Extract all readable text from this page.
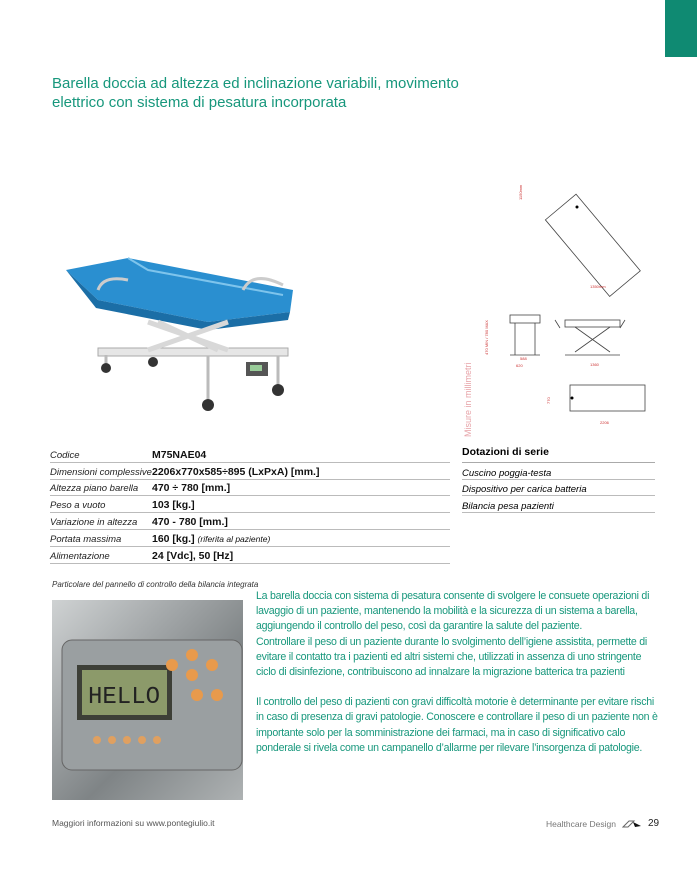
Barella doccia ad altezza ed inclinazione variabili, movimento elettrico con sistema di pesatura incorporata
1150mm
1350mm
470 MIN / 780 MAX
588
620	1360
770
2206
Misure in millimetri
Codice	M75NAE04
Dimensioni complessive 2206x770x585÷895 (LxPxA) [mm.]
Altezza piano barella	470 ÷ 780 [mm.]
Peso a vuoto	103 [kg.]
Variazione in altezza	470 - 780 [mm.]
Portata massima	160 [kg.] (riferita al paziente)
Alimentazione	24 [Vdc], 50 [Hz]
Dotazioni di serie
Cuscino poggia-testa
Dispositivo per carica batteria
Bilancia pesa pazienti
Particolare del pannello di controllo della bilancia integrata
HELLO

La barella doccia con sistema di pesatura consente di svolgere le consuete operazioni di lavaggio di un paziente, mantenendo la mobilità e la sicurezza di un sistema a barella, aggiungendo il controllo del peso, così da garantire la salute del paziente.

Controllare il peso di un paziente durante lo svolgimento dell’igiene assistita, permette di evitare il contatto tra i pazienti ed altri sistemi che, utilizzati in assenza di uno stringente ciclo di disinfezione, contribuiscono ad innalzare la migrazione batterica tra pazienti

Il controllo del peso di pazienti con gravi difficoltà motorie è determinante per evitare rischi in caso di presenza di gravi patologie. Conoscere e controllare il peso di un paziente non è importante solo per la somministrazione dei farmaci, ma in caso di significativo calo ponderale si rivela come un campanello d’allarme per rilevare l’insorgenza di patologie.

Maggiori informazioni su www.pontegiulio.it	Healthcare Design	29
